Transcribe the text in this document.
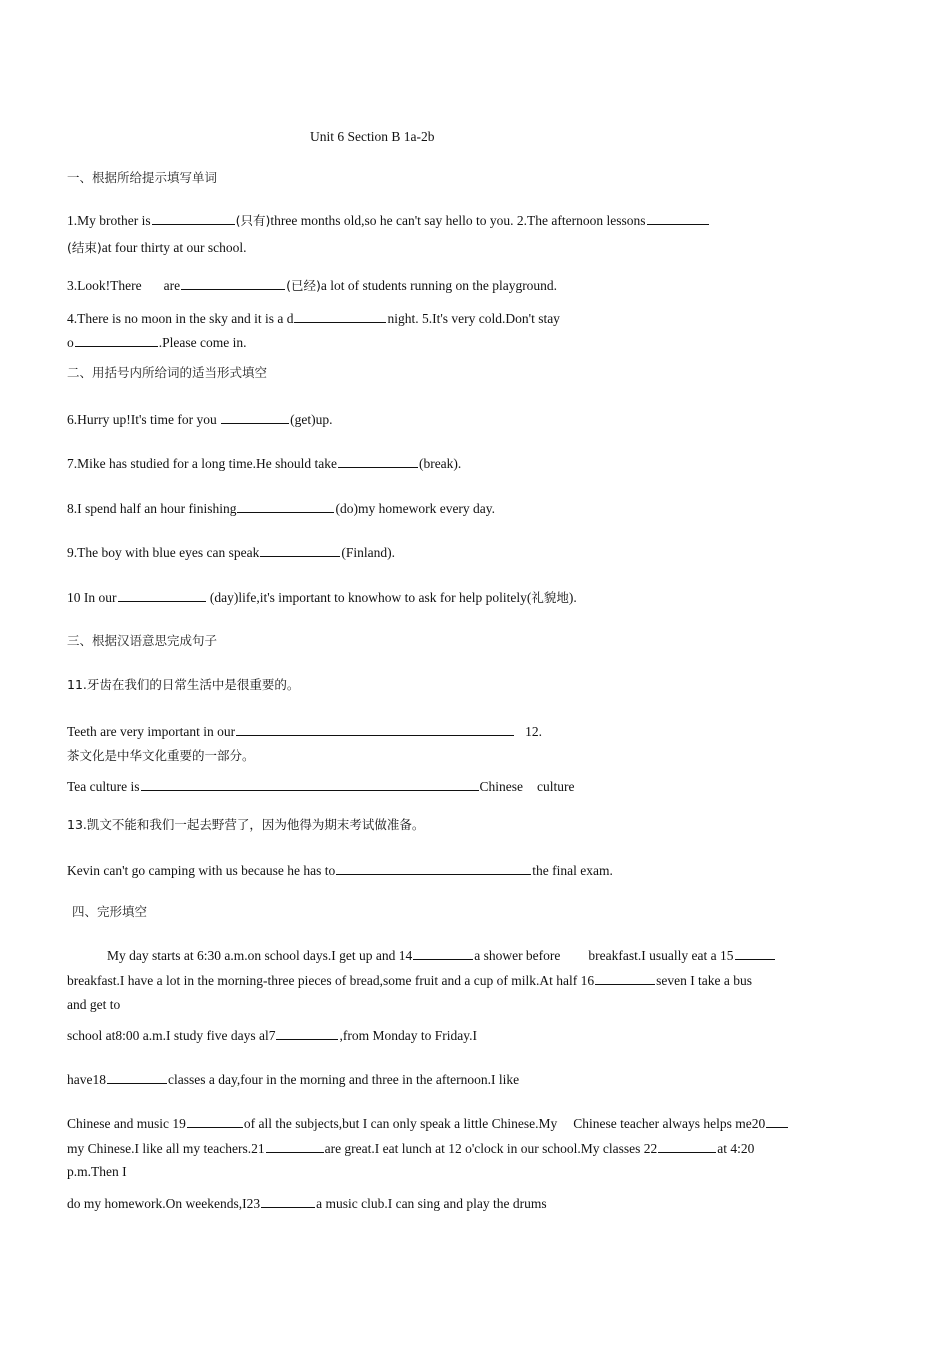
Unit 6 Section B 1a-2b
一、根据所给提示填写单词
1.My brother is	(只有)three months old,so he can't say hello to you. 2.The afternoon lessons
(结束)at four thirty at our school.
3.Look!There are	(已经)a lot of students running on the playground.
4.There is no moon in the sky and it is a d	night. 5.It's very cold.Don't stay
o	.Please come in.
二、用括号内所给词的适当形式填空
6.Hurry up!It's time for you	(get)up.
7.Mike has studied for a long time.He should take	(break).
8.I spend half an hour finishing	(do)my homework every day.
9.The boy with blue eyes can speak	(Finland).
10 In our	(day)life,it's important to knowhow to ask for help politely(礼貌地).
三、根据汉语意思完成句子
11.牙齿在我们的日常生活中是很重要的。
Teeth are very important in our	12.
茶文化是中华文化重要的一部分。
Tea culture is	Chinese culture
13.凯文不能和我们一起去野营了，因为他得为期末考试做准备。
Kevin can't go camping with us because he has to	the final exam.
四、完形填空
My day starts at 6:30 a.m.on school days.I get up and 14	a shower before breakfast.I usually eat a 15
breakfast.I have a lot in the morning-three pieces of bread,some fruit and a cup of milk.At half 16	seven I take a bus
and get to
school at8:00 a.m.I study five days al7	,from Monday to Friday.I
have18	classes a day,four in the morning and three in the afternoon.I like
Chinese and music 19	of all the subjects,but I can only speak a little Chinese.My Chinese teacher always helps me20
my Chinese.I like all my teachers.21	are great.I eat lunch at 12 o'clock in our school.My classes 22	at 4:20
p.m.Then I
do my homework.On weekends,I23	a music club.I can sing and play the drums
